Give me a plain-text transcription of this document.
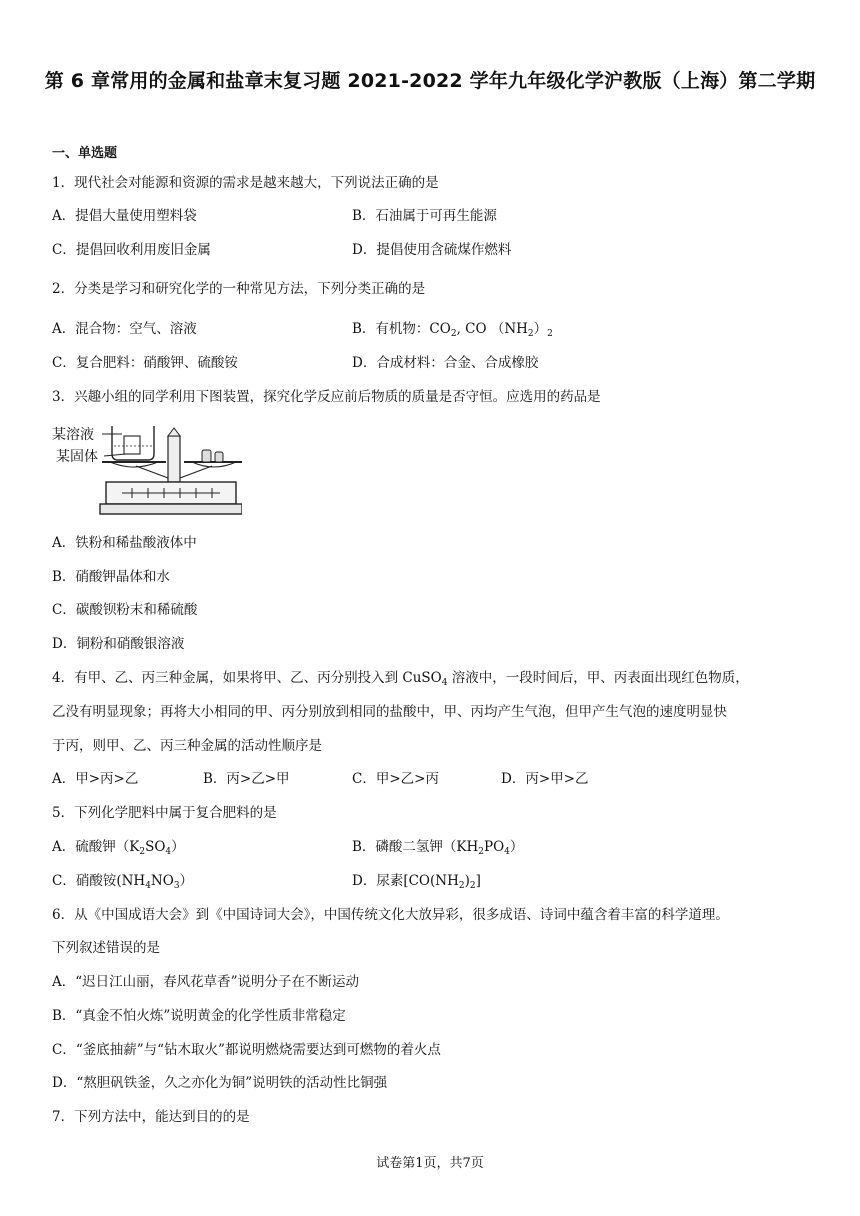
第 6 章常用的金属和盐章末复习题 2021-2022 学年九年级化学沪教版（上海）第二学期
一、单选题
1．现代社会对能源和资源的需求是越来越大，下列说法正确的是
A．提倡大量使用塑料袋	B．石油属于可再生能源
C．提倡回收利用废旧金属	D．提倡使用含硫煤作燃料
2．分类是学习和研究化学的一种常见方法，下列分类正确的是
A．混合物：空气、溶液	B．有机物：$CO_2$, CO $(NH_2)_2$
C．复合肥料：硝酸钾、硫酸铵	D．合成材料：合金、合成橡胶
3．兴趣小组的同学利用下图装置，探究化学反应前后物质的质量是否守恒。应选用的药品是
某溶液
某固体
A．铁粉和稀盐酸液体中
B．硝酸钾晶体和水
C．碳酸钡粉末和稀硫酸
D．铜粉和硝酸银溶液
4．有甲、乙、丙三种金属，如果将甲、乙、丙分别投入到 CuSO$_4$ 溶液中，一段时间后，甲、丙表面出现红色物质，
乙没有明显现象；再将大小相同的甲、丙分别放到相同的盐酸中，甲、丙均产生气泡，但甲产生气泡的速度明显快
于丙，则甲、乙、丙三种金属的活动性顺序是
A．甲>丙>乙	B．丙>乙>甲	C．甲>乙>丙	D．丙>甲>乙
5．下列化学肥料中属于复合肥料的是
A．硫酸钾$(K_2SO_4)$	B．磷酸二氢钾$(KH_2PO_4)$
C．硝酸铵$(NH_4NO_3)$	D．尿素$[CO(NH_2)_2]$
6．从《中国成语大会》到《中国诗词大会》，中国传统文化大放异彩，很多成语、诗词中蕴含着丰富的科学道理。
下列叙述错误的是
A．“迟日江山丽，春风花草香”说明分子在不断运动
B．“真金不怕火炼”说明黄金的化学性质非常稳定
C．“釜底抽薪”与“钻木取火”都说明燃烧需要达到可燃物的着火点
D．“熬胆矾铁釜，久之亦化为铜”说明铁的活动性比铜强
7．下列方法中，能达到目的的是
试卷第1页，共7页
